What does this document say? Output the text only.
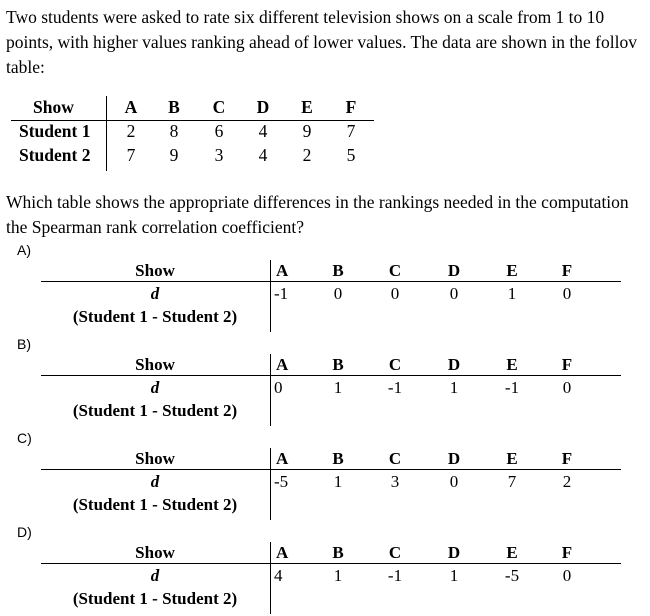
Two students were asked to rate six different television shows on a scale from 1 to 10
points, with higher values ranking ahead of lower values. The data are shown in the follov
table:
Show	A B C D E F
Student 1	2	8	6	4	9	7
Student 2	7	9	3	4	2	5
Which table shows the appropriate differences in the rankings needed in the computation
the Spearman rank correlation coefficient?
A)
Show
d
(Student 1 - Student 2)
A	B	C	D	E	F
-1	0	0	0	1	0
B)
Show
d
(Student 1 - Student 2)
A	B	C	D	E	F
0	1	-1	1	-1	0
C)
Show
d
(Student 1 - Student 2)
A	B	C	D	E	F
-5	1	3	0	7	2
D)
Show
d
(Student 1 - Student 2)
A	B	C	D	E	F
4	1	-1	1	-5	0
